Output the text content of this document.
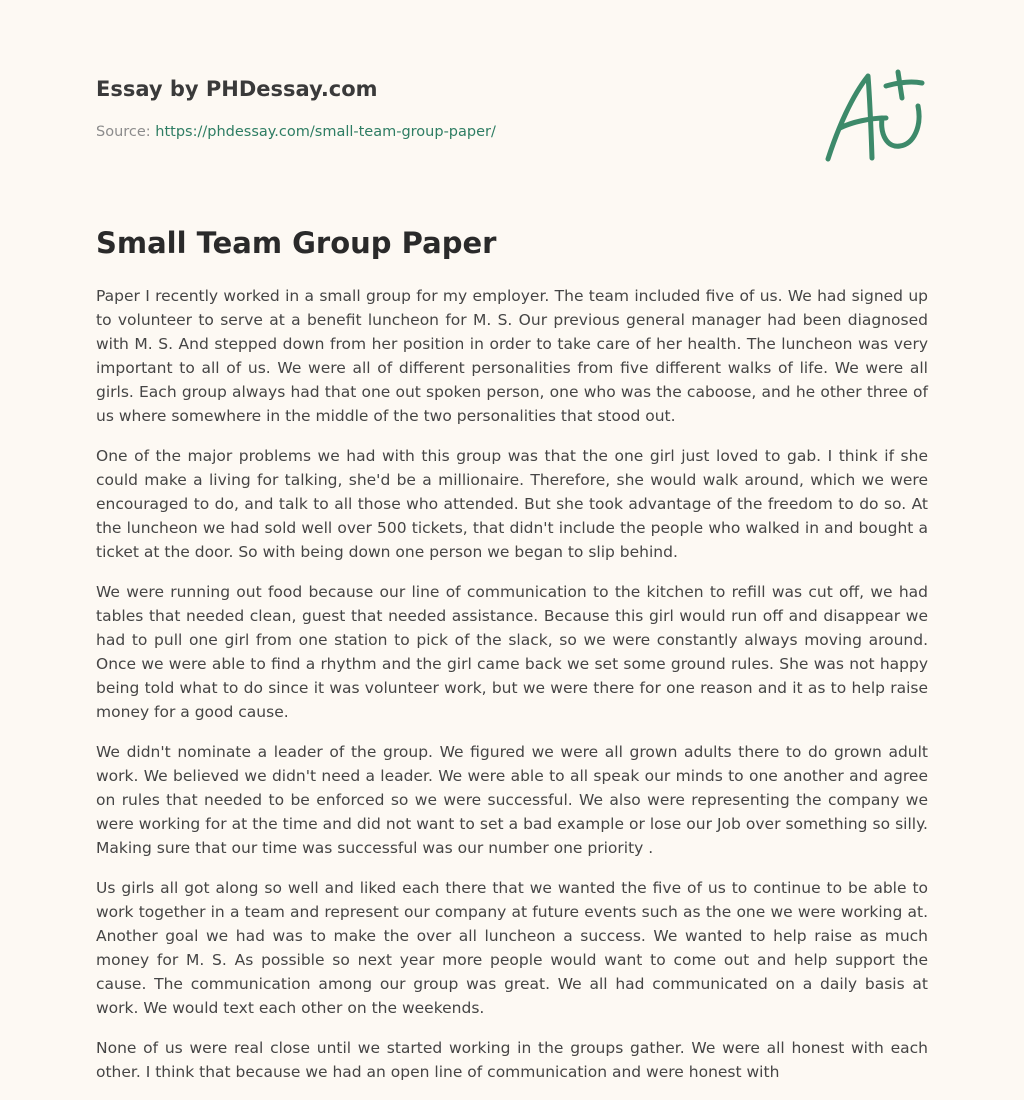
Essay by PHDessay.com
Source: https://phdessay.com/small-team-group-paper/
Small Team Group Paper

Paper I recently worked in a small group for my employer. The team included five of us. We had signed up to volunteer to serve at a benefit luncheon for M. S. Our previous general manager had been diagnosed with M. S. And stepped down from her position in order to take care of her health. The luncheon was very important to all of us. We were all of different personalities from five different walks of life. We were all girls. Each group always had that one out spoken person, one who was the caboose, and he other three of us where somewhere in the middle of the two personalities that stood out.

One of the major problems we had with this group was that the one girl just loved to gab. I think if she could make a living for talking, she'd be a millionaire. Therefore, she would walk around, which we were encouraged to do, and talk to all those who attended. But she took advantage of the freedom to do so. At the luncheon we had sold well over 500 tickets, that didn't include the people who walked in and bought a ticket at the door. So with being down one person we began to slip behind.

We were running out food because our line of communication to the kitchen to refill was cut off, we had tables that needed clean, guest that needed assistance. Because this girl would run off and disappear we had to pull one girl from one station to pick of the slack, so we were constantly always moving around. Once we were able to find a rhythm and the girl came back we set some ground rules. She was not happy being told what to do since it was volunteer work, but we were there for one reason and it as to help raise money for a good cause.

We didn't nominate a leader of the group. We figured we were all grown adults there to do grown adult work. We believed we didn't need a leader. We were able to all speak our minds to one another and agree on rules that needed to be enforced so we were successful. We also were representing the company we were working for at the time and did not want to set a bad example or lose our Job over something so silly. Making sure that our time was successful was our number one priority .

Us girls all got along so well and liked each there that we wanted the five of us to continue to be able to work together in a team and represent our company at future events such as the one we were working at. Another goal we had was to make the over all luncheon a success. We wanted to help raise as much money for M. S. As possible so next year more people would want to come out and help support the cause. The communication among our group was great. We all had communicated on a daily basis at work. We would text each other on the weekends.

None of us were real close until we started working in the groups gather. We were all honest with each other. I think that because we had an open line of communication and were honest with
